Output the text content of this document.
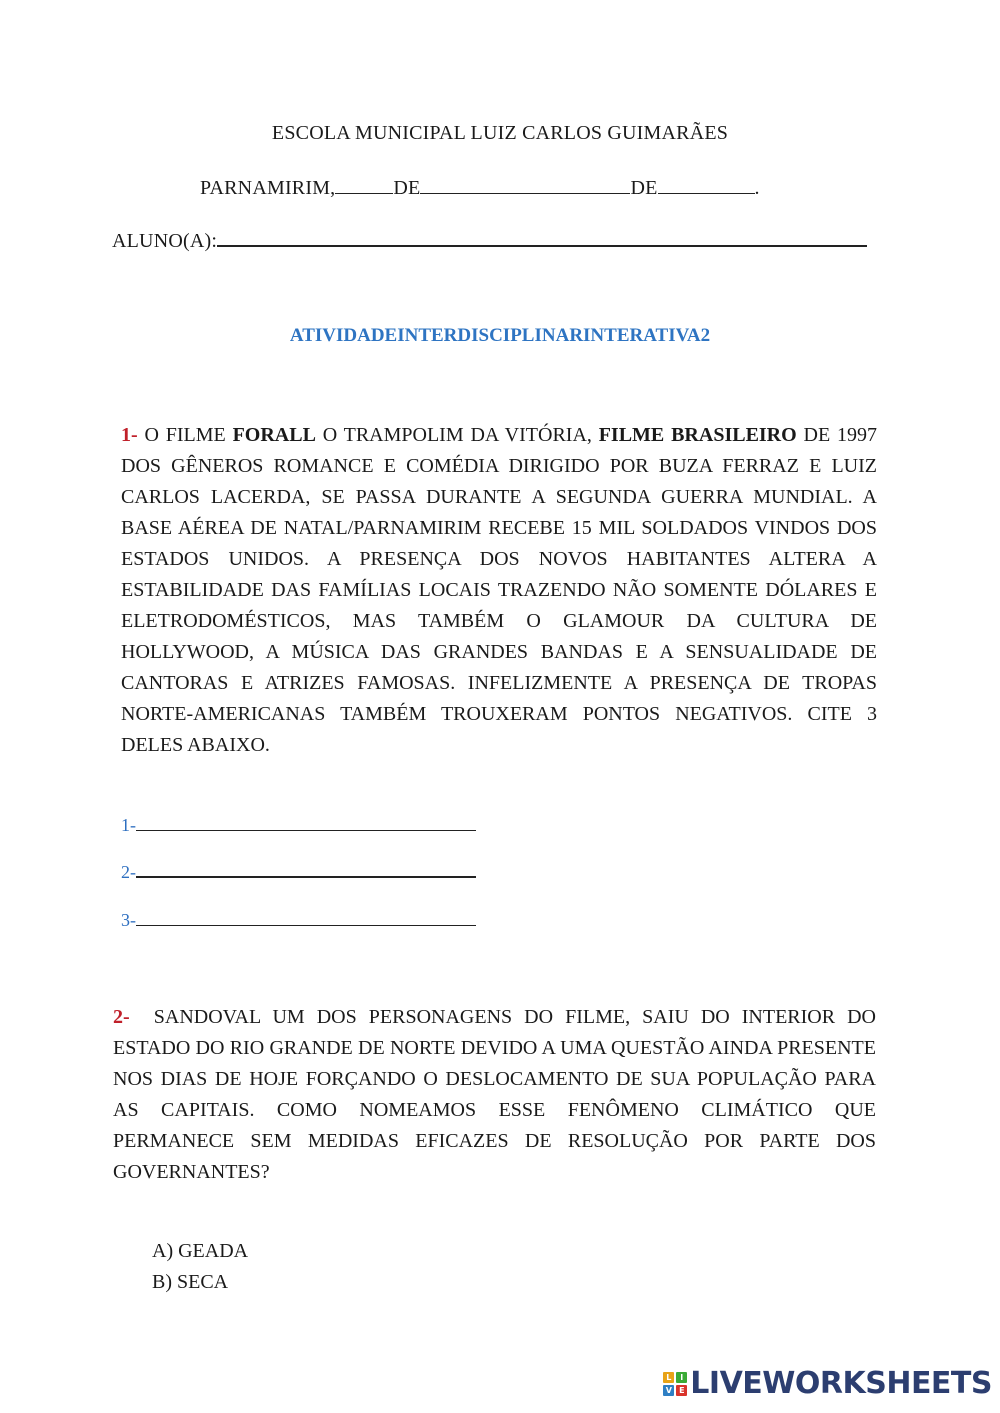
ESCOLA MUNICIPAL LUIZ CARLOS GUIMARÃES
PARNAMIRIM,	DE	DE	.
ALUNO(A):
ATIVIDADEINTERDISCIPLINARINTERATIVA2
1- O FILME FORALL O TRAMPOLIM DA VITÓRIA, FILME BRASILEIRO DE 1997 DOS GÊNEROS ROMANCE E COMÉDIA DIRIGIDO POR BUZA FERRAZ E LUIZ CARLOS LACERDA, SE PASSA DURANTE A SEGUNDA GUERRA MUNDIAL. A BASE AÉREA DE NATAL/PARNAMIRIM RECEBE 15 MIL SOLDADOS VINDOS DOS ESTADOS UNIDOS. A PRESENÇA DOS NOVOS HABITANTES ALTERA A ESTABILIDADE DAS FAMÍLIAS LOCAIS TRAZENDO NÃO SOMENTE DÓLARES E ELETRODOMÉSTICOS, MAS TAMBÉM O GLAMOUR DA CULTURA DE HOLLYWOOD, A MÚSICA DAS GRANDES BANDAS E A SENSUALIDADE DE CANTORAS E ATRIZES FAMOSAS. INFELIZMENTE A PRESENÇA DE TROPAS NORTE-AMERICANAS TAMBÉM TROUXERAM PONTOS NEGATIVOS. CITE 3 DELES ABAIXO.
1-
2-
3-
2- SANDOVAL UM DOS PERSONAGENS DO FILME, SAIU DO INTERIOR DO ESTADO DO RIO GRANDE DE NORTE DEVIDO A UMA QUESTÃO AINDA PRESENTE NOS DIAS DE HOJE FORÇANDO O DESLOCAMENTO DE SUA POPULAÇÃO PARA AS CAPITAIS. COMO NOMEAMOS ESSE FENÔMENO CLIMÁTICO QUE PERMANECE SEM MEDIDAS EFICAZES DE RESOLUÇÃO POR PARTE DOS GOVERNANTES?
A) GEADA
B) SECA
L	I
V E LIVEWORKSHEETS
